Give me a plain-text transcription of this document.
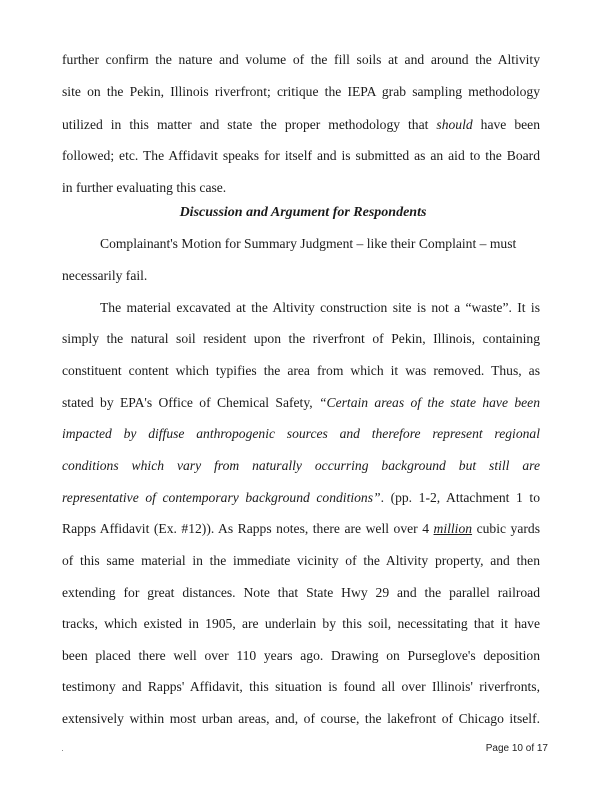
further confirm the nature and volume of the fill soils at and around the Altivity
site on the Pekin, Illinois riverfront; critique the IEPA grab sampling methodology
utilized in this matter and state the proper methodology that should have been
followed; etc. The Affidavit speaks for itself and is submitted as an aid to the Board
in further evaluating this case.
Discussion and Argument for Respondents
Complainant's Motion for Summary Judgment – like their Complaint – must
necessarily fail.
The material excavated at the Altivity construction site is not a “waste”. It is
simply the natural soil resident upon the riverfront of Pekin, Illinois, containing
constituent content which typifies the area from which it was removed. Thus, as
stated by EPA's Office of Chemical Safety, “Certain areas of the state have been
impacted by diffuse anthropogenic sources and therefore represent regional
conditions which vary from naturally occurring background but still are
representative of contemporary background conditions”. (pp. 1-2, Attachment 1 to
Rapps Affidavit (Ex. #12)). As Rapps notes, there are well over 4 million cubic yards
of this same material in the immediate vicinity of the Altivity property, and then
extending for great distances. Note that State Hwy 29 and the parallel railroad
tracks, which existed in 1905, are underlain by this soil, necessitating that it have
been placed there well over 110 years ago. Drawing on Purseglove's deposition
testimony and Rapps' Affidavit, this situation is found all over Illinois' riverfronts,
extensively within most urban areas, and, of course, the lakefront of Chicago itself.
Page 10 of 17
